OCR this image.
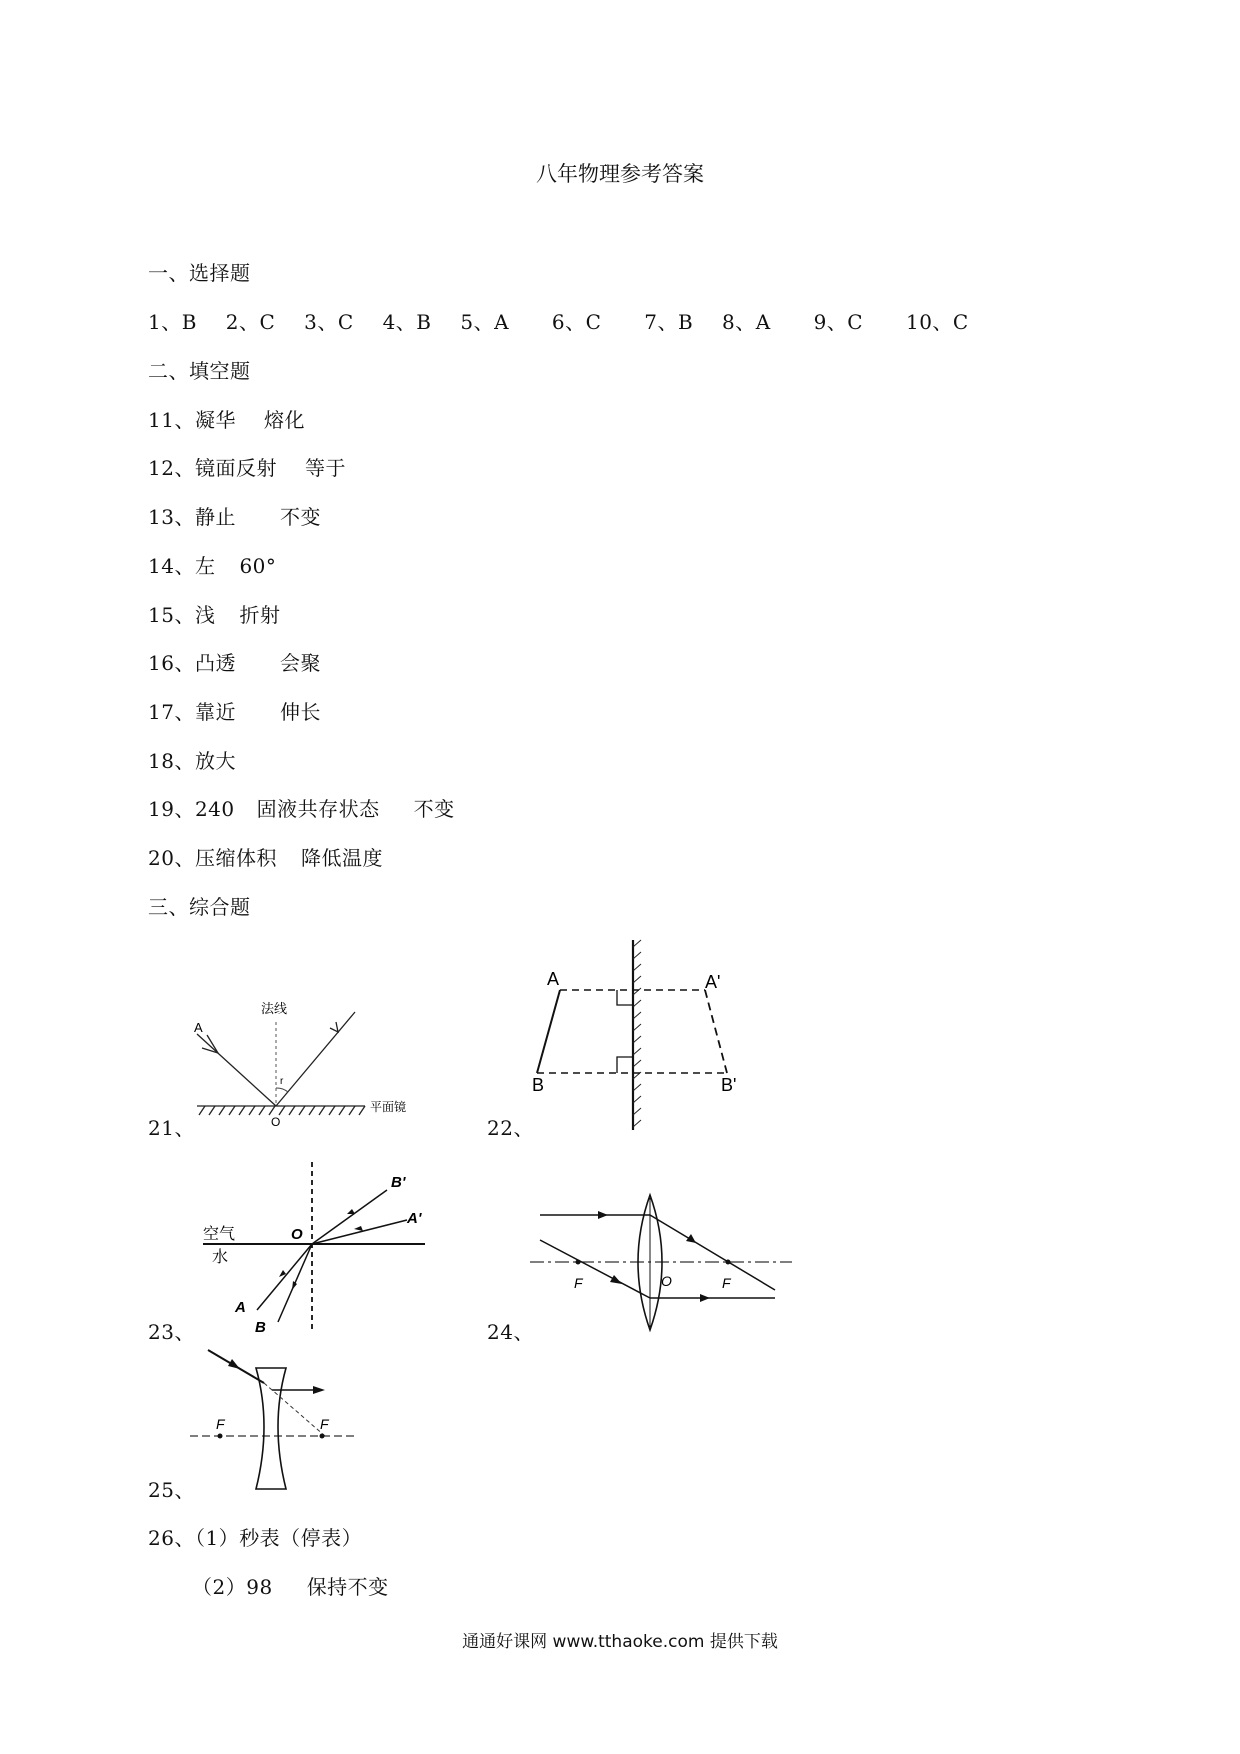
八年物理参考答案
一、选择题
1、B 2、C 3、C 4、B 5、A 6、C 7、B 8、A 9、C 10、C
二、填空题
11、凝华 熔化
12、镜面反射 等于
13、静止 不变
14、左 60°
15、浅 折射
16、凸透 会聚
17、靠近 伸长
18、放大
19、240 固液共存状态 不变
20、压缩体积 降低温度
三、综合题
21、
法线
A
r
O
平面镜
22、
A	A'
B	B'
23、
空气
水
O
A
B
A'
B'
24、
F	O	F
25、
F	F
26、（1）秒表（停表）
（2）98 保持不变
通通好课网 www.tthaoke.com 提供下载
